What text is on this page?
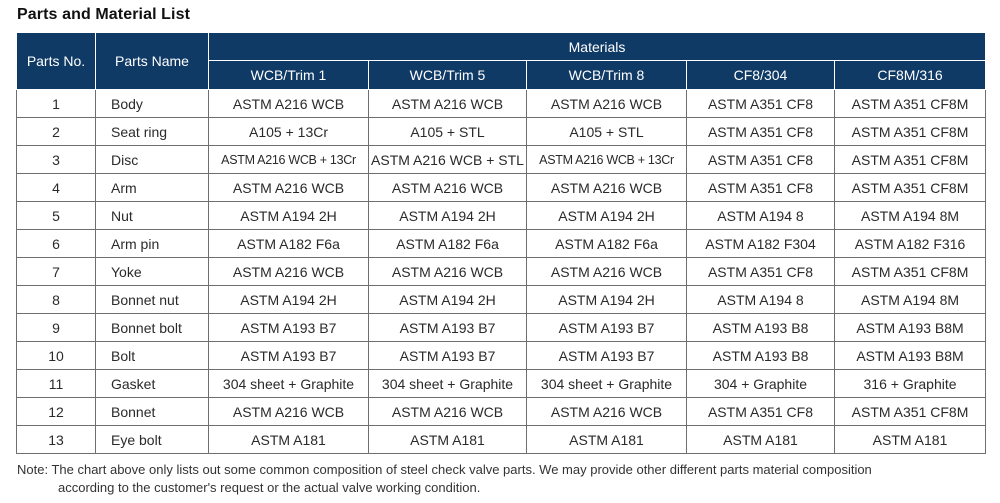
Parts and Material List
Parts No.	Parts Name	Materials				
		WCB/Trim 1	WCB/Trim 5	WCB/Trim 8	CF8/304	CF8M/316
1	Body	ASTM A216 WCB	ASTM A216 WCB	ASTM A216 WCB	ASTM A351 CF8	ASTM A351 CF8M
2	Seat ring	A105 + 13Cr	A105 + STL	A105 + STL	ASTM A351 CF8	ASTM A351 CF8M
3	Disc	ASTM A216 WCB + 13Cr	ASTM A216 WCB + STL	ASTM A216 WCB + 13Cr	ASTM A351 CF8	ASTM A351 CF8M
4	Arm	ASTM A216 WCB	ASTM A216 WCB	ASTM A216 WCB	ASTM A351 CF8	ASTM A351 CF8M
5	Nut	ASTM A194 2H	ASTM A194 2H	ASTM A194 2H	ASTM A194 8	ASTM A194 8M
6	Arm pin	ASTM A182 F6a	ASTM A182 F6a	ASTM A182 F6a	ASTM A182 F304	ASTM A182 F316
7	Yoke	ASTM A216 WCB	ASTM A216 WCB	ASTM A216 WCB	ASTM A351 CF8	ASTM A351 CF8M
8	Bonnet nut	ASTM A194 2H	ASTM A194 2H	ASTM A194 2H	ASTM A194 8	ASTM A194 8M
9	Bonnet bolt	ASTM A193 B7	ASTM A193 B7	ASTM A193 B7	ASTM A193 B8	ASTM A193 B8M
10	Bolt	ASTM A193 B7	ASTM A193 B7	ASTM A193 B7	ASTM A193 B8	ASTM A193 B8M
11	Gasket	304 sheet + Graphite	304 sheet + Graphite	304 sheet + Graphite	304 + Graphite	316 + Graphite
12	Bonnet	ASTM A216 WCB	ASTM A216 WCB	ASTM A216 WCB	ASTM A351 CF8	ASTM A351 CF8M
13	Eye bolt	ASTM A181	ASTM A181	ASTM A181	ASTM A181	ASTM A181
Note: The chart above only lists out some common composition of steel check valve parts. We may provide other different parts material composition
according to the customer's request or the actual valve working condition.
